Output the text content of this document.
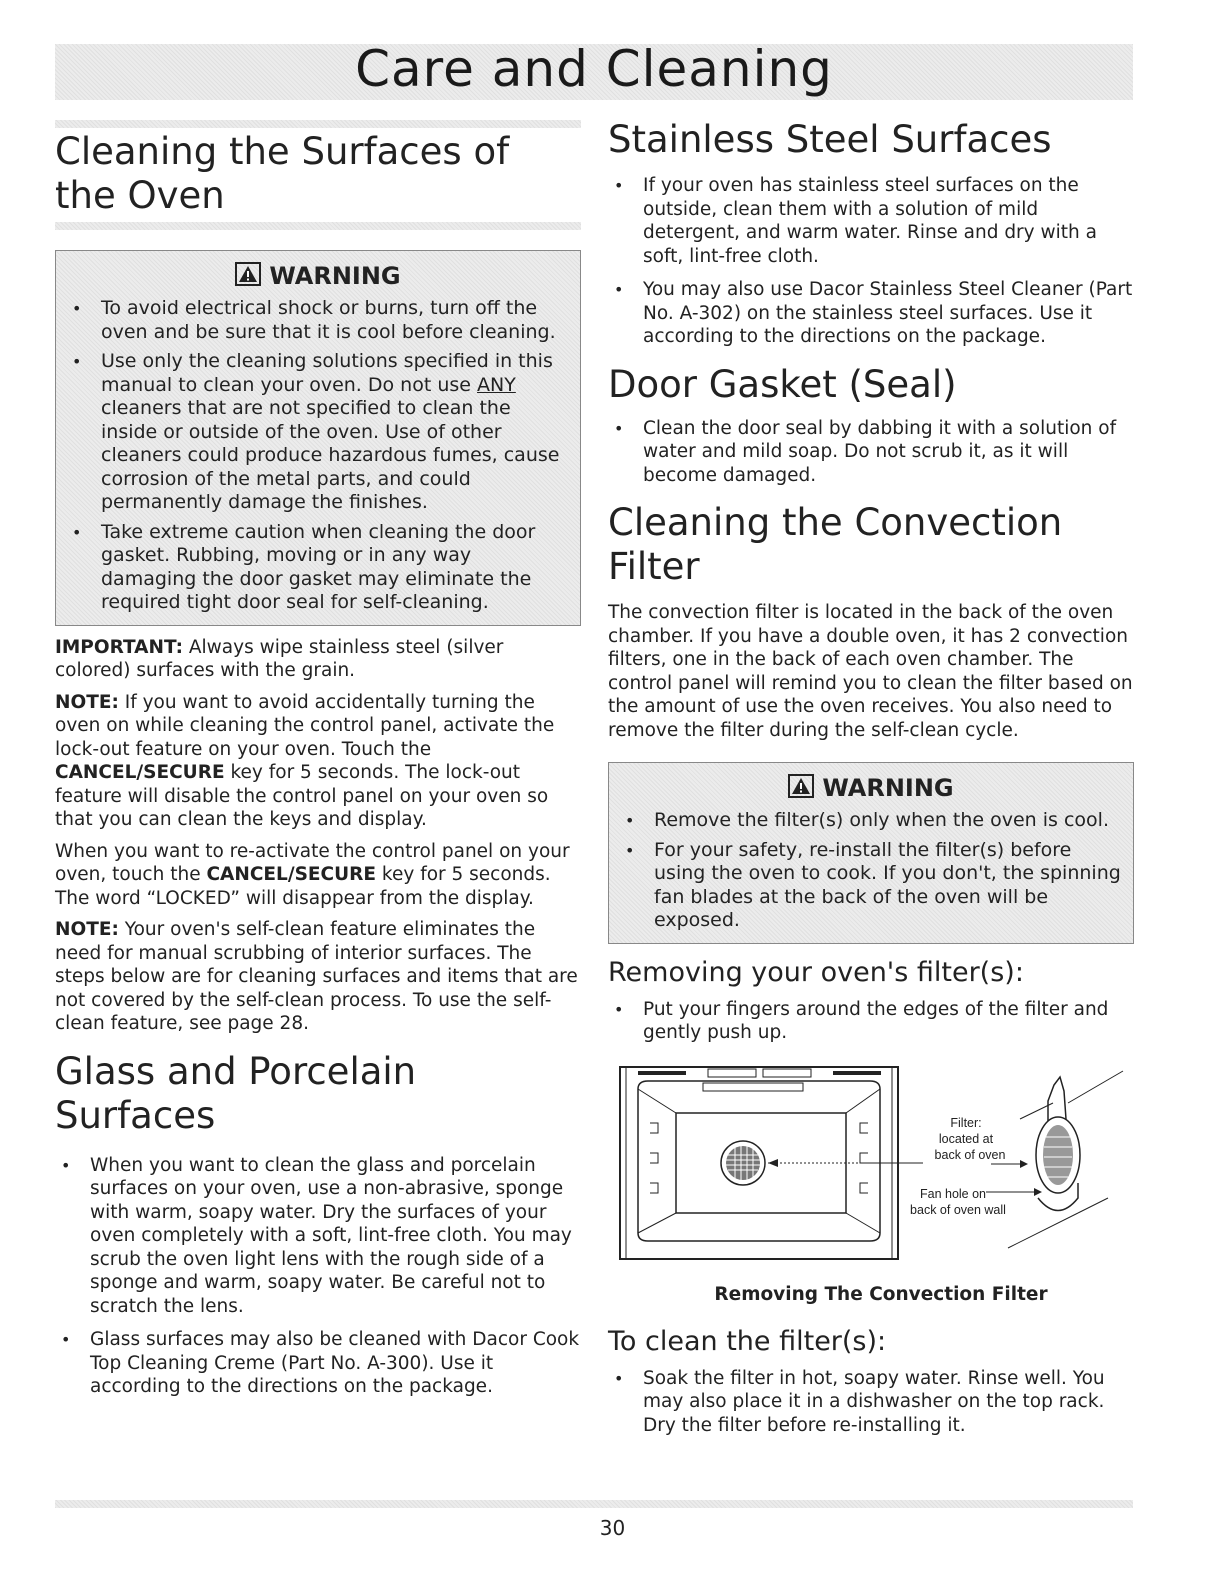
Care and Cleaning
Cleaning the Surfaces of the Oven
WARNING
• To avoid electrical shock or burns, turn off the oven and be sure that it is cool before cleaning.
• Use only the cleaning solutions specified in this manual to clean your oven. Do not use ANY cleaners that are not specified to clean the inside or outside of the oven. Use of other cleaners could produce hazardous fumes, cause corrosion of the metal parts, and could permanently damage the finishes.
• Take extreme caution when cleaning the door gasket. Rubbing, moving or in any way damaging the door gasket may eliminate the required tight door seal for self-cleaning.

IMPORTANT: Always wipe stainless steel (silver colored) surfaces with the grain.

NOTE: If you want to avoid accidentally turning the oven on while cleaning the control panel, activate the lock-out feature on your oven. Touch the CANCEL/SECURE key for 5 seconds. The lock-out feature will disable the control panel on your oven so that you can clean the keys and display.

When you want to re-activate the control panel on your oven, touch the CANCEL/SECURE key for 5 seconds. The word “LOCKED” will disappear from the display.

NOTE: Your oven's self-clean feature eliminates the need for manual scrubbing of interior surfaces. The steps below are for cleaning surfaces and items that are not covered by the self-clean process. To use the self-clean feature, see page 28.

Glass and Porcelain Surfaces
• When you want to clean the glass and porcelain surfaces on your oven, use a non-abrasive, sponge with warm, soapy water. Dry the surfaces of your oven completely with a soft, lint-free cloth. You may scrub the oven light lens with the rough side of a sponge and warm, soapy water. Be careful not to scratch the lens.
• Glass surfaces may also be cleaned with Dacor Cook Top Cleaning Creme (Part No. A-300). Use it according to the directions on the package.
Stainless Steel Surfaces
• If your oven has stainless steel surfaces on the outside, clean them with a solution of mild detergent, and warm water. Rinse and dry with a soft, lint-free cloth.
• You may also use Dacor Stainless Steel Cleaner (Part No. A-302) on the stainless steel surfaces. Use it according to the directions on the package.
Door Gasket (Seal)
• Clean the door seal by dabbing it with a solution of water and mild soap. Do not scrub it, as it will become damaged.
Cleaning the Convection Filter

The convection filter is located in the back of the oven chamber. If you have a double oven, it has 2 convection filters, one in the back of each oven chamber. The control panel will remind you to clean the filter based on the amount of use the oven receives. You also need to remove the filter during the self-clean cycle.

WARNING
• Remove the filter(s) only when the oven is cool.
• For your safety, re-install the filter(s) before using the oven to cook. If you don't, the spinning fan blades at the back of the oven will be exposed.
Removing your oven's filter(s):
• Put your fingers around the edges of the filter and gently push up.
Filter:
located at
back of oven
Fan hole on
back of oven wall
Removing The Convection Filter
To clean the filter(s):
• Soak the filter in hot, soapy water. Rinse well. You may also place it in a dishwasher on the top rack. Dry the filter before re-installing it.
30
